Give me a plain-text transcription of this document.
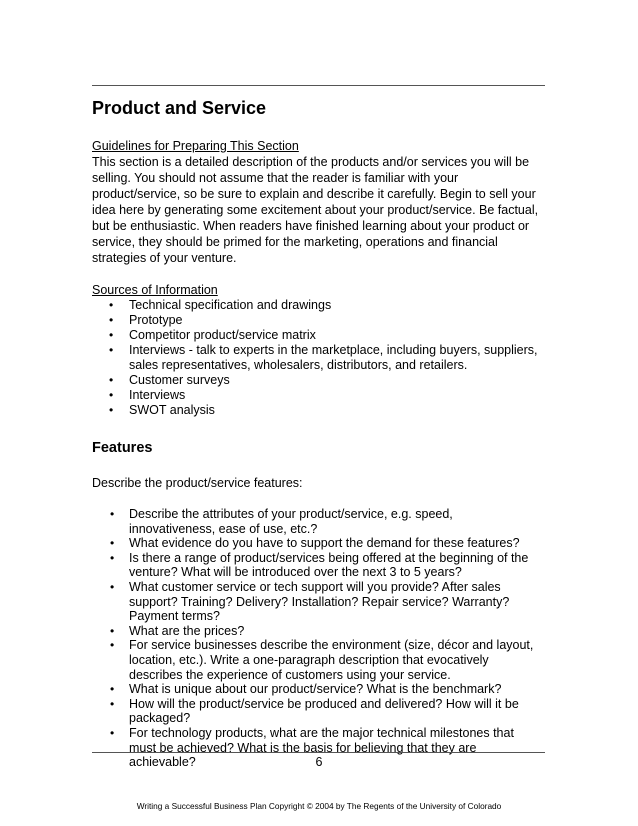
Product and Service

Guidelines for Preparing This Section

This section is a detailed description of the products and/or services you will be

selling. You should not assume that the reader is familiar with your

product/service, so be sure to explain and describe it carefully. Begin to sell your

idea here by generating some excitement about your product/service. Be factual,

but be enthusiastic. When readers have finished learning about your product or

service, they should be primed for the marketing, operations and financial

strategies of your venture.

Sources of Information

• Technical specification and drawings
• Prototype
• Competitor product/service matrix
• Interviews - talk to experts in the marketplace, including buyers, suppliers,
sales representatives, wholesalers, distributors, and retailers.
• Customer surveys
• Interviews
• SWOT analysis
Features

Describe the product/service features:

• Describe the attributes of your product/service, e.g. speed,
innovativeness, ease of use, etc.?
• What evidence do you have to support the demand for these features?
• Is there a range of product/services being offered at the beginning of the
venture? What will be introduced over the next 3 to 5 years?
• What customer service or tech support will you provide? After sales
support? Training? Delivery? Installation? Repair service? Warranty?
Payment terms?
• What are the prices?
• For service businesses describe the environment (size, décor and layout,
location, etc.). Write a one-paragraph description that evocatively
describes the experience of customers using your service.
• What is unique about our product/service? What is the benchmark?
• How will the product/service be produced and delivered? How will it be
packaged?
• For technology products, what are the major technical milestones that
must be achieved? What is the basis for believing that they are
achievable?	6
Writing a Successful Business Plan Copyright © 2004 by The Regents of the University of Colorado
